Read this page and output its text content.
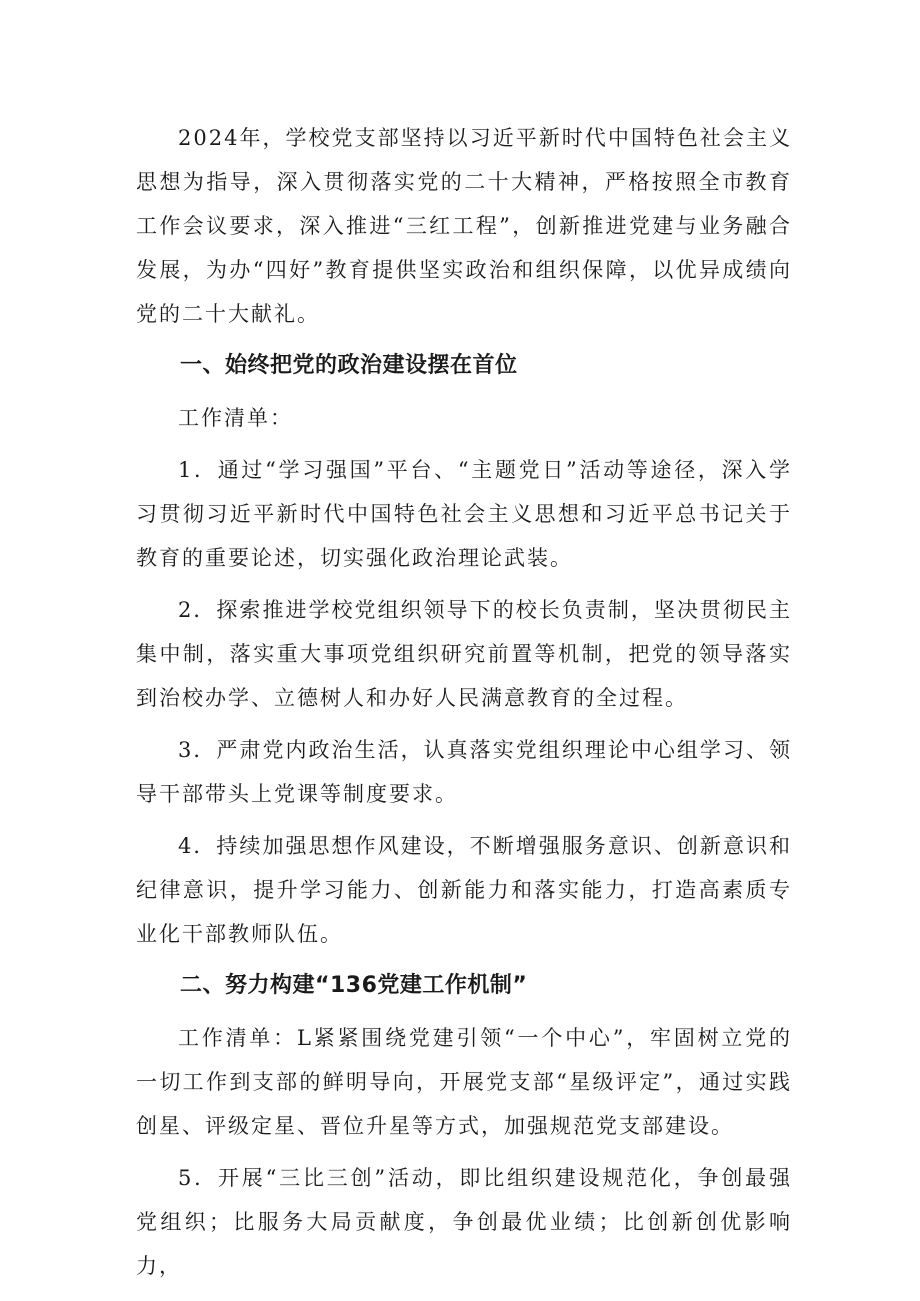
2024年，学校党支部坚持以习近平新时代中国特色社会主义思想为指导，深入贯彻落实党的二十大精神，严格按照全市教育工作会议要求，深入推进“三红工程”，创新推进党建与业务融合发展，为办“四好”教育提供坚实政治和组织保障，以优异成绩向党的二十大献礼。

一、始终把党的政治建设摆在首位

工作清单：

1．通过“学习强国”平台、“主题党日”活动等途径，深入学习贯彻习近平新时代中国特色社会主义思想和习近平总书记关于教育的重要论述，切实强化政治理论武装。

2．探索推进学校党组织领导下的校长负责制，坚决贯彻民主集中制，落实重大事项党组织研究前置等机制，把党的领导落实到治校办学、立德树人和办好人民满意教育的全过程。

3．严肃党内政治生活，认真落实党组织理论中心组学习、领导干部带头上党课等制度要求。

4．持续加强思想作风建设，不断增强服务意识、创新意识和纪律意识，提升学习能力、创新能力和落实能力，打造高素质专业化干部教师队伍。

二、努力构建“136党建工作机制”

工作清单：L紧紧围绕党建引领“一个中心”，牢固树立党的一切工作到支部的鲜明导向，开展党支部“星级评定”，通过实践创星、评级定星、晋位升星等方式，加强规范党支部建设。

5．开展“三比三创”活动，即比组织建设规范化，争创最强党组织；比服务大局贡献度，争创最优业绩；比创新创优影响力，
